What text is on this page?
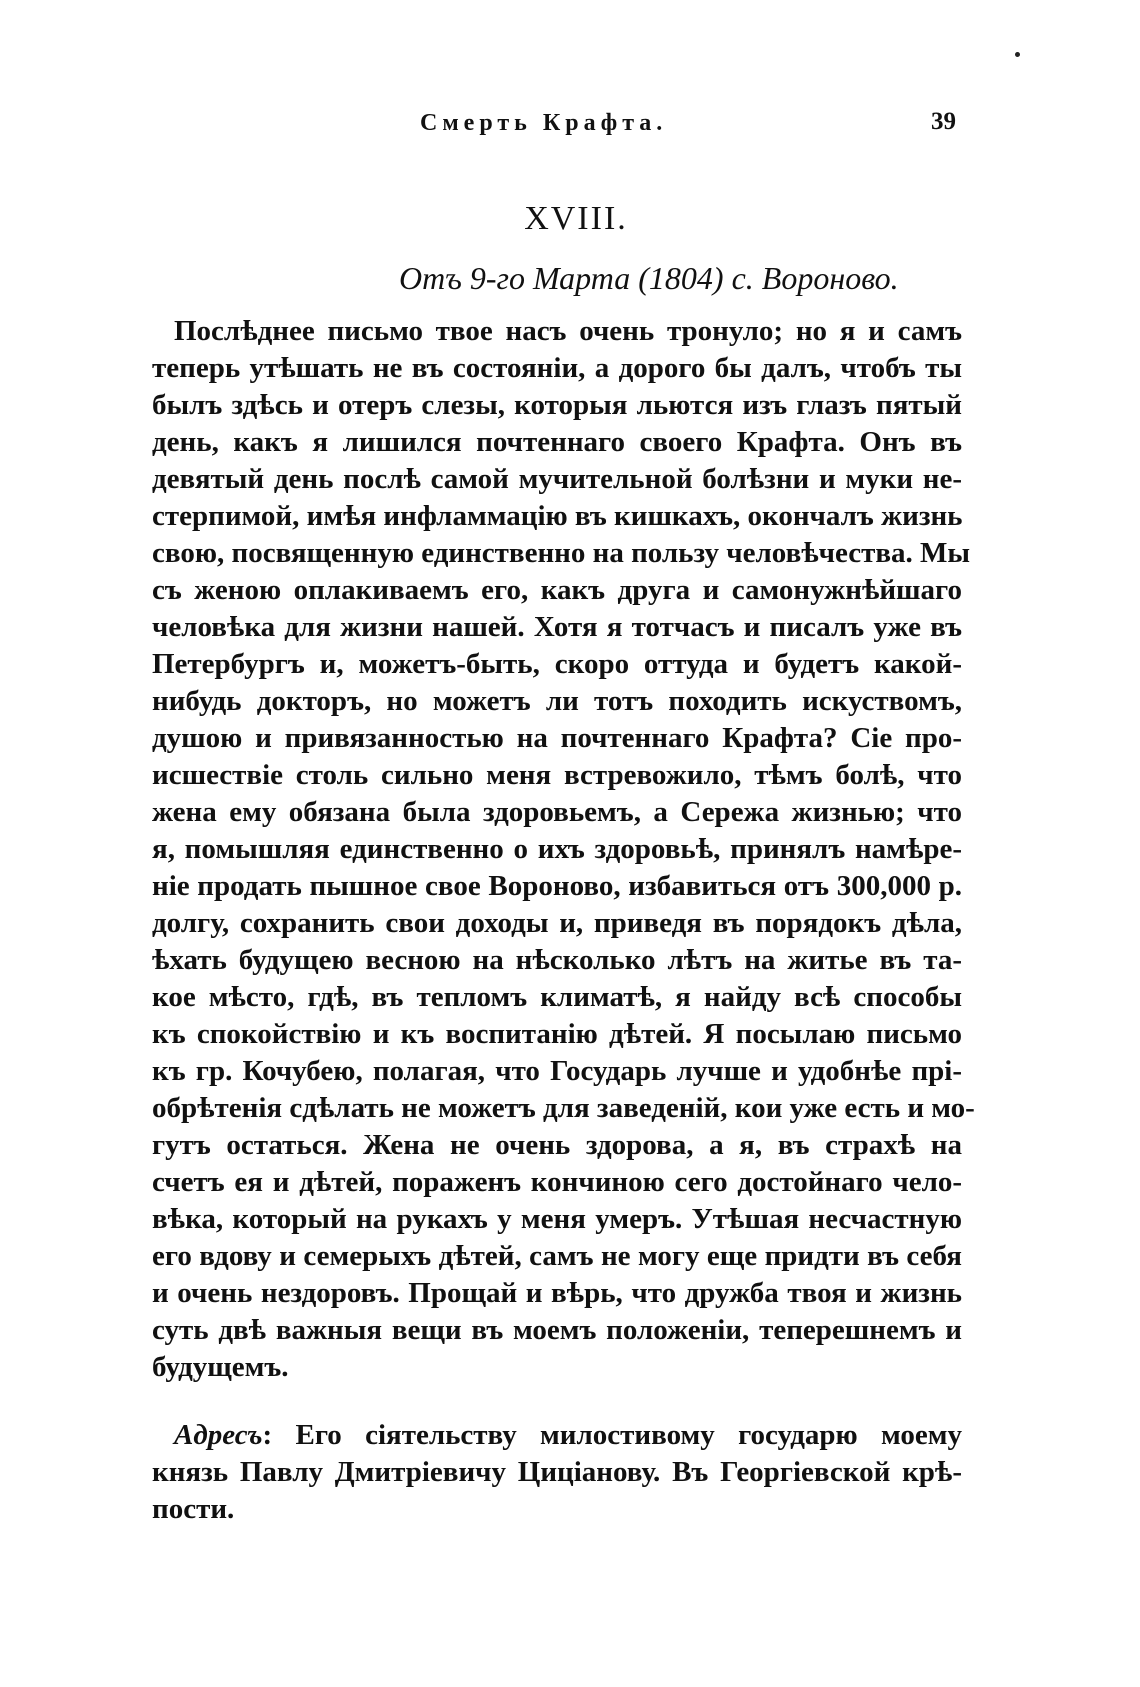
Смерть Крафта.	39
XVIII.
Отъ 9-го Марта (1804) с. Вороново.
Послѣднее письмо твое насъ очень тронуло; но я и самъ
теперь утѣшать не въ состояніи, а дорого бы далъ, чтобъ ты
былъ здѣсь и отеръ слезы, которыя льются изъ глазъ пятый
день, какъ я лишился почтеннаго своего Крафта. Онъ въ
девятый день послѣ самой мучительной болѣзни и муки не-
стерпимой, имѣя инфламмацію въ кишкахъ, окончалъ жизнь
свою, посвященную единственно на пользу человѣчества. Мы
съ женою оплакиваемъ его, какъ друга и самонужнѣйшаго
человѣка для жизни нашей. Хотя я тотчасъ и писалъ уже въ
Петербургъ и, можетъ-быть, скоро оттуда и будетъ какой-
нибудь докторъ, но можетъ ли тотъ походить искуствомъ,
душою и привязанностью на почтеннаго Крафта? Сіе про-
исшествіе столь сильно меня встревожило, тѣмъ болѣ, что
жена ему обязана была здоровьемъ, а Сережа жизнью; что
я, помышляя единственно о ихъ здоровьѣ, принялъ намѣре-
ніе продать пышное свое Вороново, избавиться отъ 300,000 р.
долгу, сохранить свои доходы и, приведя въ порядокъ дѣла,
ѣхать будущею весною на нѣсколько лѣтъ на житье въ та-
кое мѣсто, гдѣ, въ тепломъ климатѣ, я найду всѣ способы
къ спокойствію и къ воспитанію дѣтей. Я посылаю письмо
къ гр. Кочубею, полагая, что Государь лучше и удобнѣе прі-
обрѣтенія сдѣлать не можетъ для заведеній, кои уже есть и мо-
гутъ остаться. Жена не очень здорова, а я, въ страхѣ на
счетъ ея и дѣтей, пораженъ кончиною сего достойнаго чело-
вѣка, который на рукахъ у меня умеръ. Утѣшая несчастную
его вдову и семерыхъ дѣтей, самъ не могу еще придти въ себя
и очень нездоровъ. Прощай и вѣрь, что дружба твоя и жизнь
суть двѣ важныя вещи въ моемъ положеніи, теперешнемъ и
будущемъ.
Адресъ: Его сіятельству милостивому государю моему
князь Павлу Дмитріевичу Циціанову. Въ Георгіевской крѣ-
пости.
